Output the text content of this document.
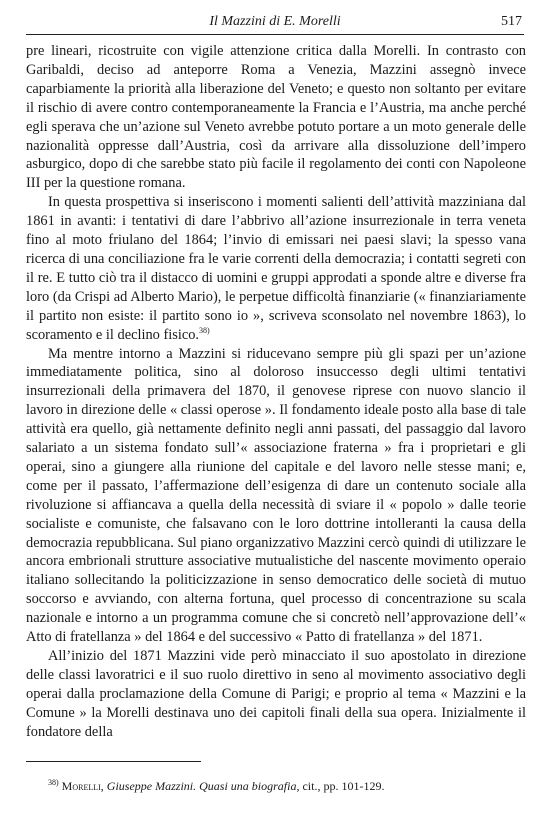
Il Mazzini di E. Morelli	517

pre lineari, ricostruite con vigile attenzione critica dalla Morelli. In contrasto con Garibaldi, deciso ad anteporre Roma a Venezia, Mazzini assegnò invece caparbiamente la priorità alla liberazione del Veneto; e questo non soltanto per evitare il rischio di avere contro contemporaneamente la Francia e l’Austria, ma anche perché egli sperava che un’azione sul Veneto avrebbe potuto portare a un moto generale delle nazionalità oppresse dall’Austria, così da arrivare alla dissoluzione dell’impero asburgico, dopo di che sarebbe stato più facile il regolamento dei conti con Napoleone III per la questione romana.

In questa prospettiva si inseriscono i momenti salienti dell’attività mazziniana dal 1861 in avanti: i tentativi di dare l’abbrivo all’azione insurrezionale in terra veneta fino al moto friulano del 1864; l’invio di emissari nei paesi slavi; la spesso vana ricerca di una conciliazione fra le varie correnti della democrazia; i contatti segreti con il re. E tutto ciò tra il distacco di uomini e gruppi approdati a sponde altre e diverse fra loro (da Crispi ad Alberto Mario), le perpetue difficoltà finanziarie (« finanziariamente il partito non esiste: il partito sono io », scriveva sconsolato nel novembre 1863), lo scoramento e il declino fisico.$^{38)}$

Ma mentre intorno a Mazzini si riducevano sempre più gli spazi per un’azione immediatamente politica, sino al doloroso insuccesso degli ultimi tentativi insurrezionali della primavera del 1870, il genovese riprese con nuovo slancio il lavoro in direzione delle « classi operose ». Il fondamento ideale posto alla base di tale attività era quello, già nettamente definito negli anni passati, del passaggio dal lavoro salariato a un sistema fondato sull’« associazione fraterna » fra i proprietari e gli operai, sino a giungere alla riunione del capitale e del lavoro nelle stesse mani; e, come per il passato, l’affermazione dell’esigenza di dare un contenuto sociale alla rivoluzione si affiancava a quella della necessità di sviare il « popolo » dalle teorie socialiste e comuniste, che falsavano con le loro dottrine intolleranti la causa della democrazia repubblicana. Sul piano organizzativo Mazzini cercò quindi di utilizzare le ancora embrionali strutture associative mutualistiche del nascente movimento operaio italiano sollecitando la politicizzazione in senso democratico delle società di mutuo soccorso e avviando, con alterna fortuna, quel processo di concentrazione su scala nazionale e intorno a un programma comune che si concretò nell’approvazione dell’« Atto di fratellanza » del 1864 e del successivo « Patto di fratellanza » del 1871.

All’inizio del 1871 Mazzini vide però minacciato il suo apostolato in direzione delle classi lavoratrici e il suo ruolo direttivo in seno al movimento associativo degli operai dalla proclamazione della Comune di Parigi; e proprio al tema « Mazzini e la Comune » la Morelli destinava uno dei capitoli finali della sua opera. Inizialmente il fondatore della

$^{38)}$ Morelli, Giuseppe Mazzini. Quasi una biografia, cit., pp. 101-129.
